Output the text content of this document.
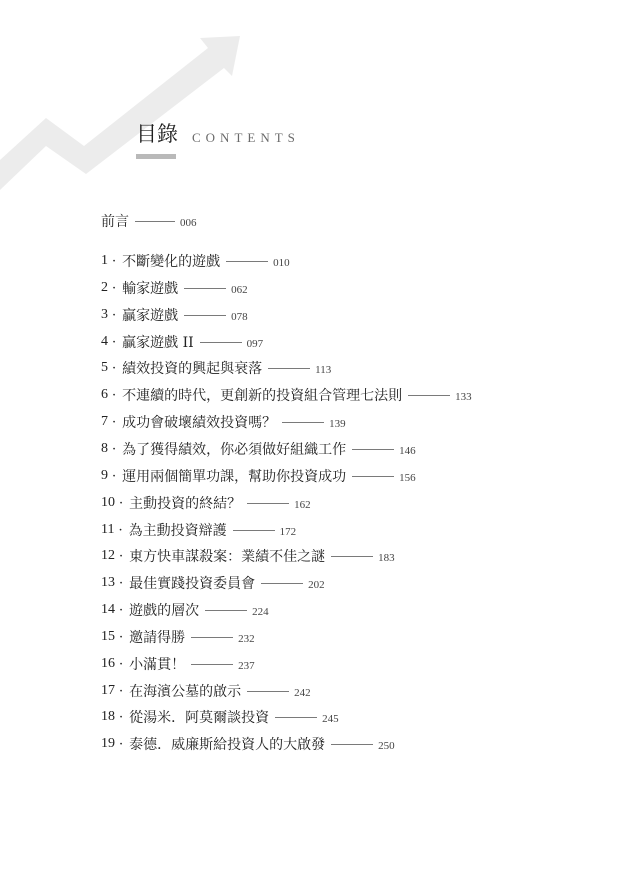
目錄 CONTENTS
前言	006
1 · 不斷變化的遊戲	010
2 · 輸家遊戲	062
3 · 贏家遊戲	078
4 · 贏家遊戲 II	097
5 · 績效投資的興起與衰落	113
6 · 不連續的時代，更創新的投資組合管理七法則	133
7 · 成功會破壞績效投資嗎？	139
8 · 為了獲得績效，你必須做好組織工作	146
9 · 運用兩個簡單功課，幫助你投資成功	156
10 · 主動投資的終結？	162
11 · 為主動投資辯護	172
12 · 東方快車謀殺案：業績不佳之謎	183
13 · 最佳實踐投資委員會	202
14 · 遊戲的層次	224
15 · 邀請得勝	232
16 · 小滿貫！	237
17 · 在海濱公墓的啟示	242
18 · 從湯米．阿莫爾談投資	245
19 · 泰德．威廉斯給投資人的大啟發	250
